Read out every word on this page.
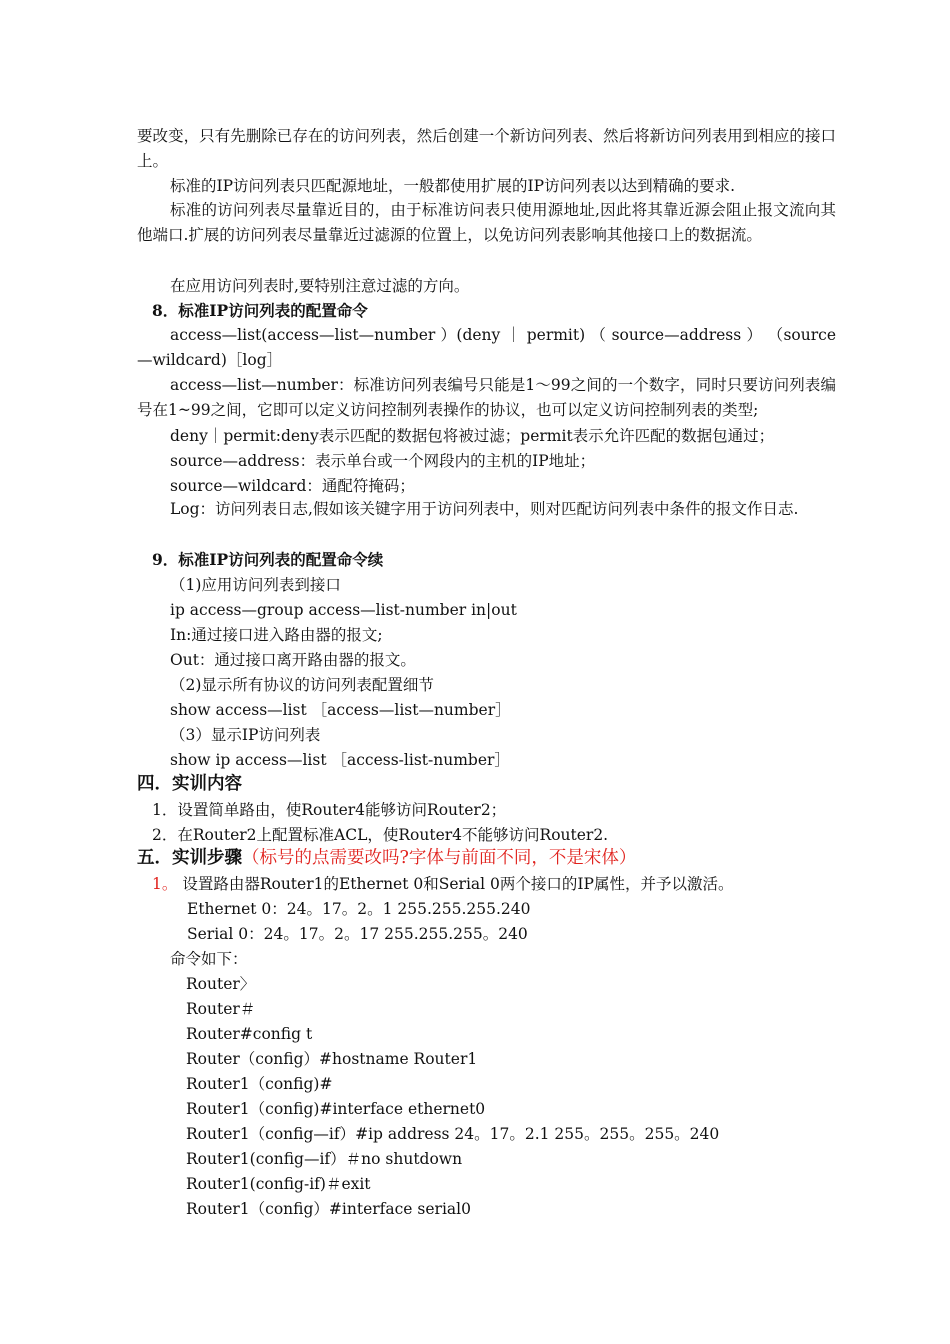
要改变，只有先删除已存在的访问列表，然后创建一个新访问列表、然后将新访问列表用到相应的接口上。
标准的IP访问列表只匹配源地址，一般都使用扩展的IP访问列表以达到精确的要求.
标准的访问列表尽量靠近目的，由于标准访问表只使用源地址,因此将其靠近源会阻止报文流向其他端口.扩展的访问列表尽量靠近过滤源的位置上，以免访问列表影响其他接口上的数据流。
在应用访问列表时,要特别注意过滤的方向。
8．标准IP访问列表的配置命令
access—list(access—list—number ）(deny ｜ permit) （ source—address ） （source—wildcard)［log］
access—list—number：标准访问列表编号只能是1～99之间的一个数字，同时只要访问列表编号在1~99之间，它即可以定义访问控制列表操作的协议，也可以定义访问控制列表的类型;
deny｜permit:deny表示匹配的数据包将被过滤；permit表示允许匹配的数据包通过；
source—address：表示单台或一个网段内的主机的IP地址；
source—wildcard：通配符掩码；
Log：访问列表日志,假如该关键字用于访问列表中，则对匹配访问列表中条件的报文作日志.
9．标准IP访问列表的配置命令续
（1)应用访问列表到接口
ip access—group access—list-number in|out
In:通过接口进入路由器的报文;
Out：通过接口离开路由器的报文。
（2)显示所有协议的访问列表配置细节
show access—list ［access—list—number］
（3）显示IP访问列表
show ip access—list ［access-list-number］
四．实训内容
1．设置简单路由，使Router4能够访问Router2；
2．在Router2上配置标准ACL，使Router4不能够访问Router2.
五．实训步骤（标号的点需要改吗?字体与前面不同，不是宋体）
1。 设置路由器Router1的Ethernet 0和Serial 0两个接口的IP属性，并予以激活。
Ethernet 0：24。17。2。1 255.255.255.240
Serial 0：24。17。2。17 255.255.255。240
命令如下：
Router〉
Router＃
Router#config t
Router（config）#hostname Router1
Router1（config)#
Router1（config)#interface ethernet0
Router1（config—if）#ip address 24。17。2.1 255。255。255。240
Router1(config—if）＃no shutdown
Router1(config-if)＃exit
Router1（config）#interface serial0
